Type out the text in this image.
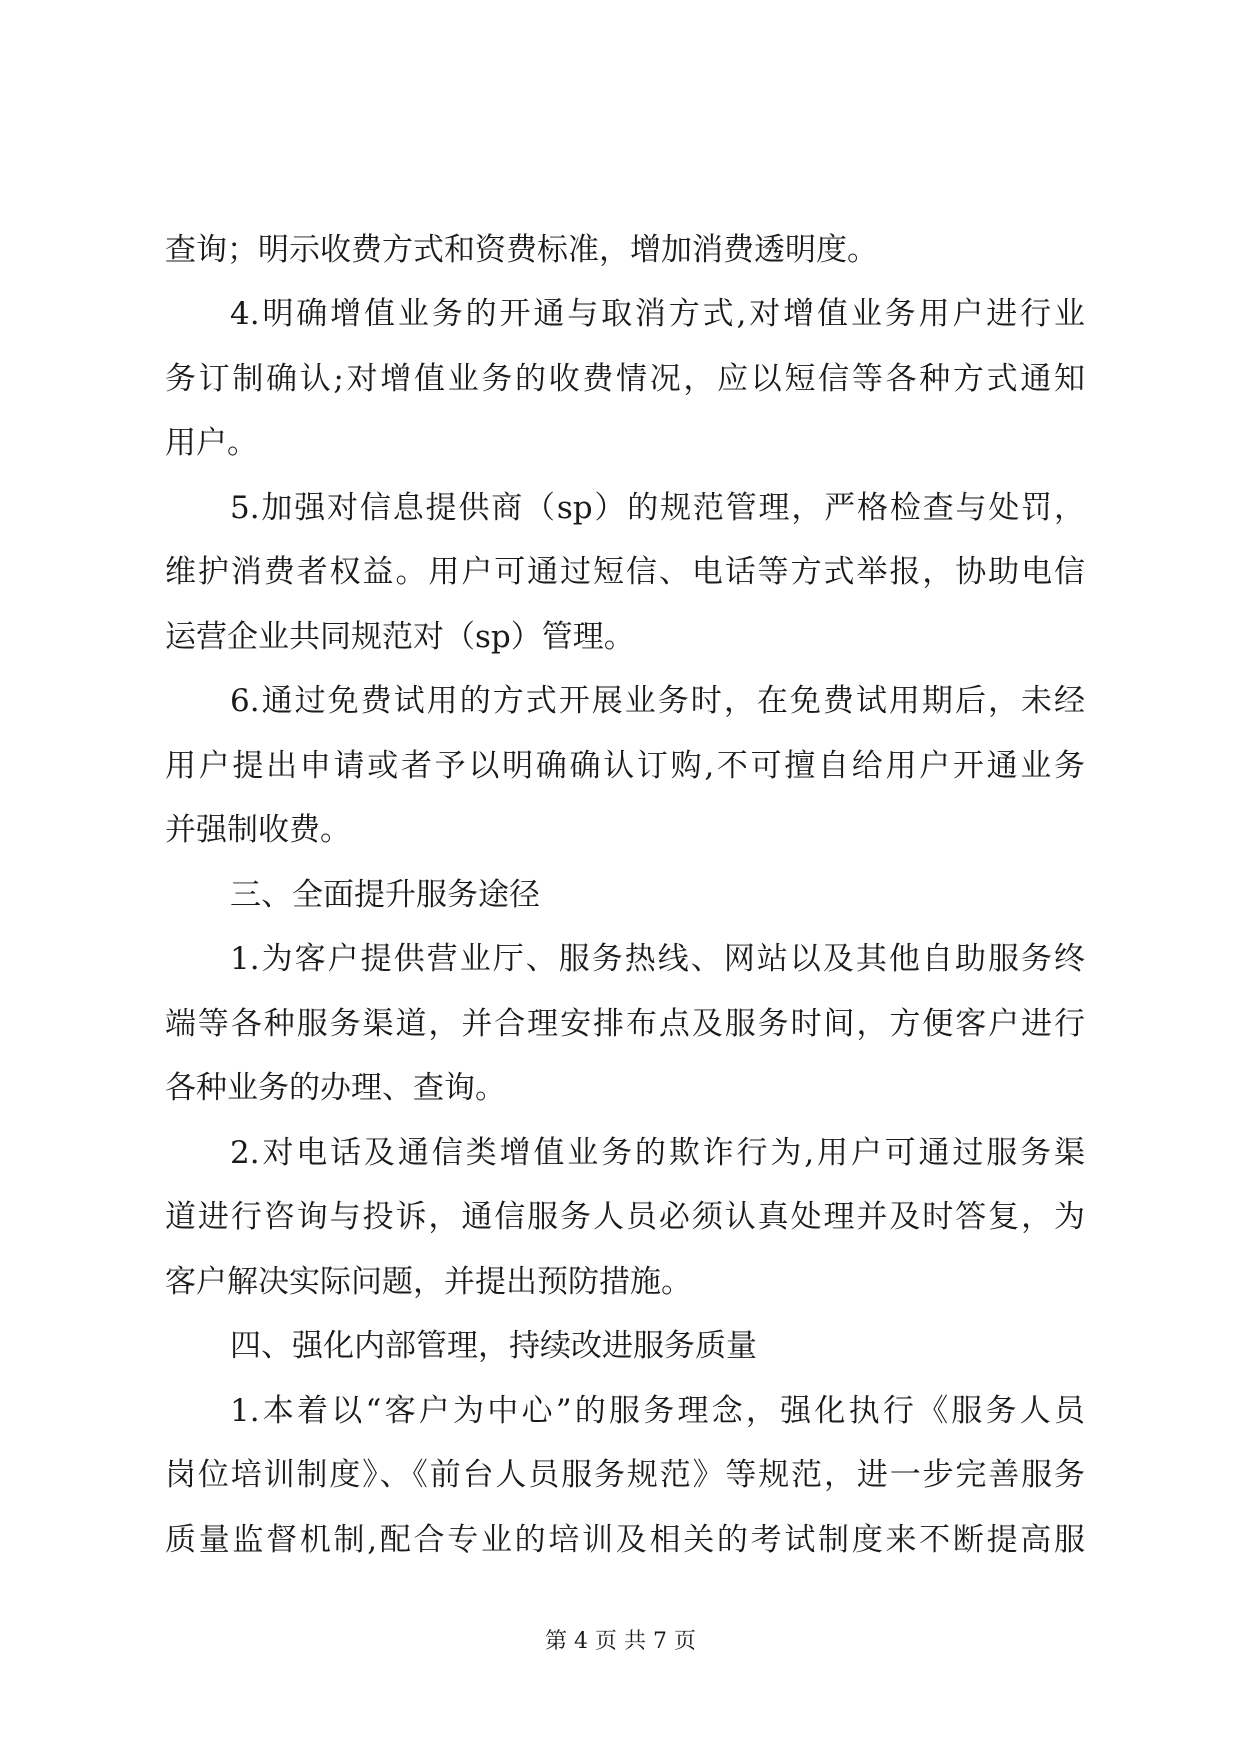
查询；明示收费方式和资费标准，增加消费透明度。
4.明确增值业务的开通与取消方式,对增值业务用户进行业
务订制确认;对增值业务的收费情况，应以短信等各种方式通知
用户。
5.加强对信息提供商（sp）的规范管理，严格检查与处罚，
维护消费者权益。用户可通过短信、电话等方式举报，协助电信
运营企业共同规范对（sp）管理。
6.通过免费试用的方式开展业务时，在免费试用期后，未经
用户提出申请或者予以明确确认订购,不可擅自给用户开通业务
并强制收费。
三、全面提升服务途径
1.为客户提供营业厅、服务热线、网站以及其他自助服务终
端等各种服务渠道，并合理安排布点及服务时间，方便客户进行
各种业务的办理、查询。
2.对电话及通信类增值业务的欺诈行为,用户可通过服务渠
道进行咨询与投诉，通信服务人员必须认真处理并及时答复，为
客户解决实际问题，并提出预防措施。
四、强化内部管理，持续改进服务质量
1.本着以“客户为中心”的服务理念，强化执行《服务人员
岗位培训制度》、《前台人员服务规范》等规范，进一步完善服务
质量监督机制,配合专业的培训及相关的考试制度来不断提高服
第 4 页 共 7 页
